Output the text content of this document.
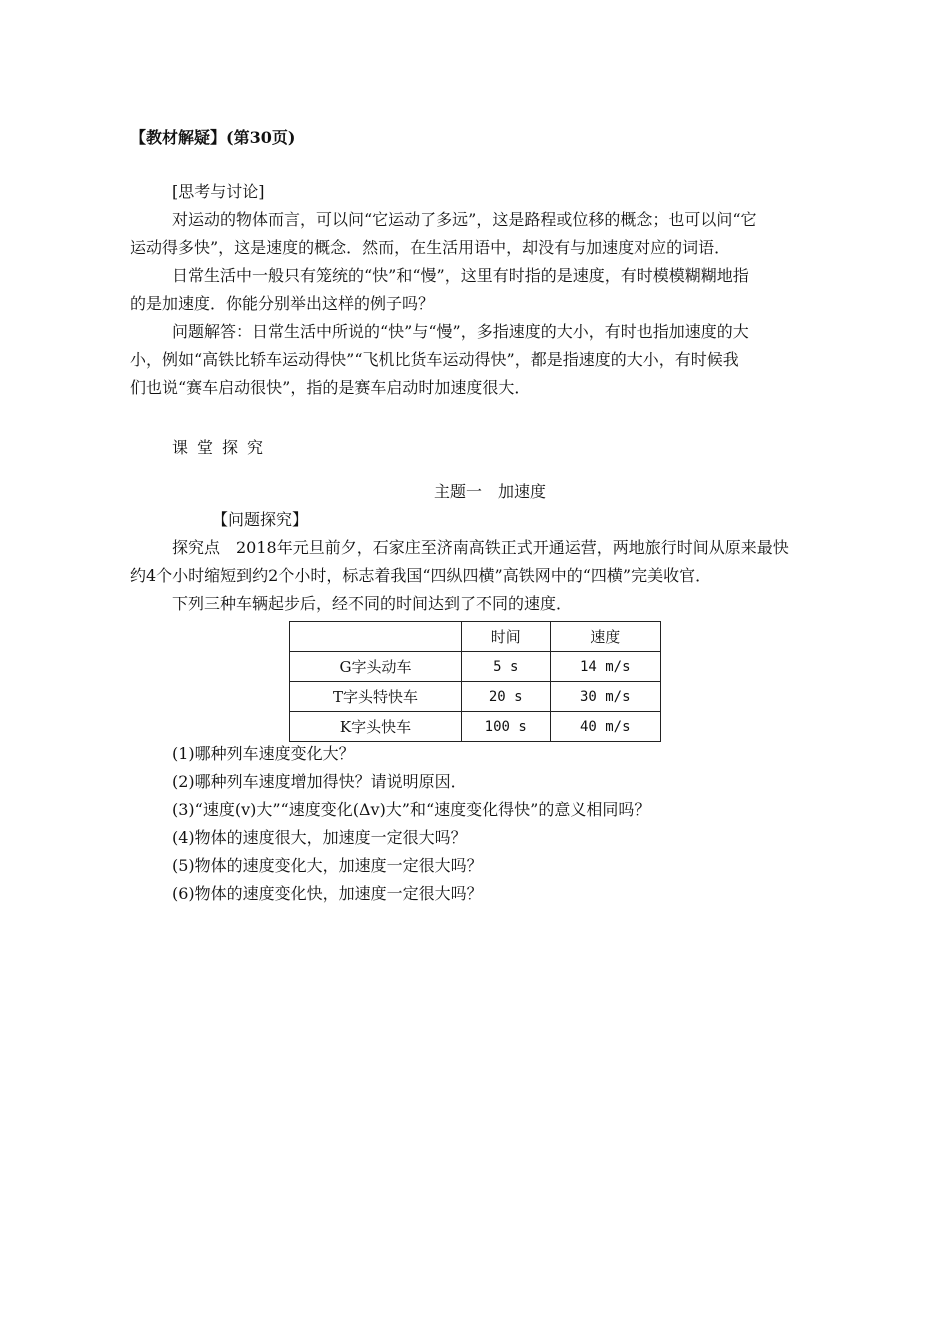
【教材解疑】(第30页)
[思考与讨论]
对运动的物体而言，可以问“它运动了多远”，这是路程或位移的概念；也可以问“它
运动得多快”，这是速度的概念．然而，在生活用语中，却没有与加速度对应的词语．
日常生活中一般只有笼统的“快”和“慢”，这里有时指的是速度，有时模模糊糊地指
的是加速度．你能分别举出这样的例子吗？
问题解答：日常生活中所说的“快”与“慢”，多指速度的大小，有时也指加速度的大
小，例如“高铁比轿车运动得快”“飞机比货车运动得快”，都是指速度的大小，有时候我
们也说“赛车启动很快”，指的是赛车启动时加速度很大．
课堂探究
主题一　加速度
【问题探究】
探究点　2018年元旦前夕，石家庄至济南高铁正式开通运营，两地旅行时间从原来最快
约4个小时缩短到约2个小时，标志着我国“四纵四横”高铁网中的“四横”完美收官．
下列三种车辆起步后，经不同的时间达到了不同的速度．
	时间	速度
G字头动车	5 s	14 m/s
T字头特快车	20 s	30 m/s
K字头快车	100 s	40 m/s
(1)哪种列车速度变化大？
(2)哪种列车速度增加得快？请说明原因．
(3)“速度(v)大”“速度变化(Δv)大”和“速度变化得快”的意义相同吗？
(4)物体的速度很大，加速度一定很大吗？
(5)物体的速度变化大，加速度一定很大吗？
(6)物体的速度变化快，加速度一定很大吗？
